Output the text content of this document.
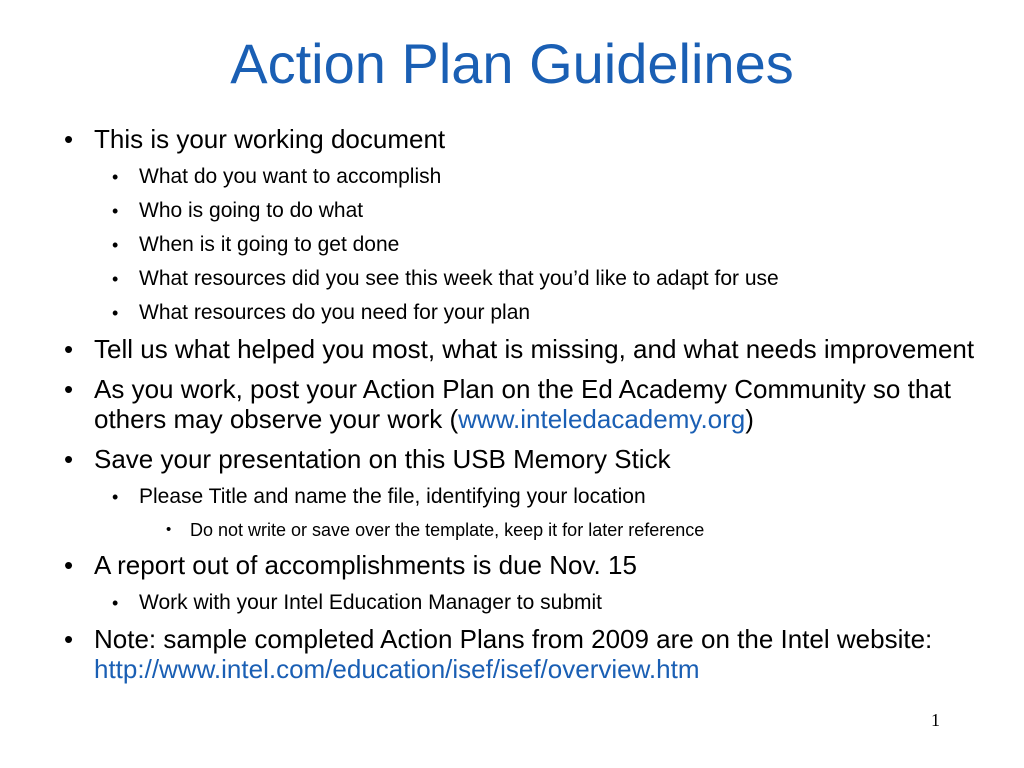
Action Plan Guidelines
• This is your working document
• What do you want to accomplish
• Who is going to do what
• When is it going to get done
• What resources did you see this week that you’d like to adapt for use
• What resources do you need for your plan
• Tell us what helped you most, what is missing, and what needs improvement
• As you work, post your Action Plan on the Ed Academy Community so that others may observe your work (www.inteledacademy.org)
• Save your presentation on this USB Memory Stick
• Please Title and name the file, identifying your location
• Do not write or save over the template, keep it for later reference
• A report out of accomplishments is due Nov. 15
• Work with your Intel Education Manager to submit
• Note: sample completed Action Plans from 2009 are on the Intel website: http://www.intel.com/education/isef/isef/overview.htm
1
